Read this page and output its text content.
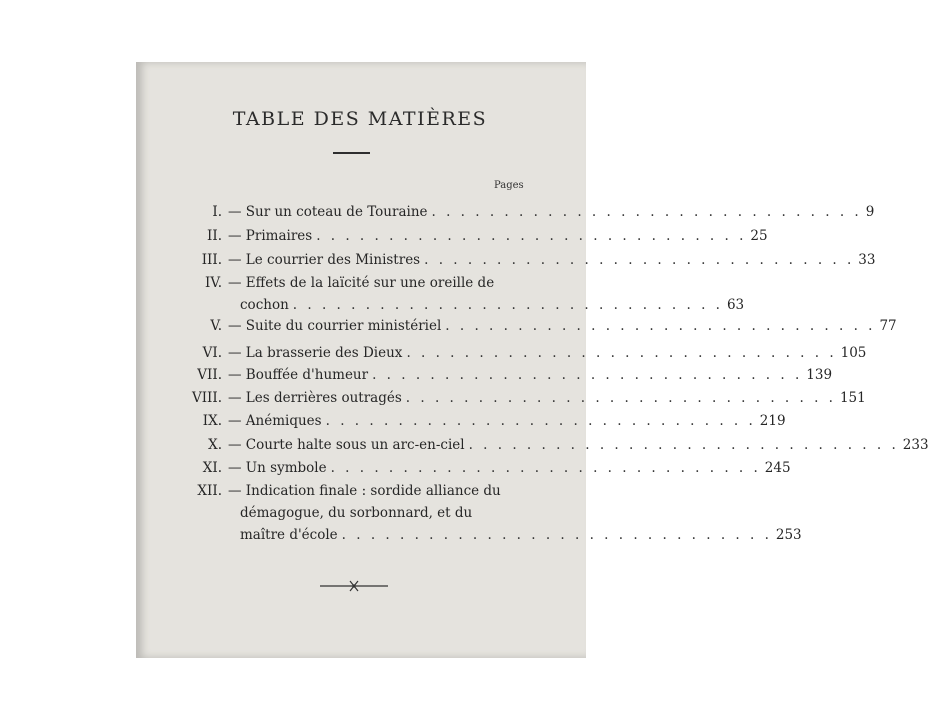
TABLE DES MATIÈRES
Pages
I. — Sur un coteau de Touraine . . . . . . . . . . . . . . . . . . . . . . . . . . . . . . 9
II. — Primaires . . . . . . . . . . . . . . . . . . . . . . . . . . . . . . 25
III. — Le courrier des Ministres . . . . . . . . . . . . . . . . . . . . . . . . . . . . . . 33
IV. — Effets de la laïcité sur une oreille de
cochon . . . . . . . . . . . . . . . . . . . . . . . . . . . . . . 63
V. — Suite du courrier ministériel . . . . . . . . . . . . . . . . . . . . . . . . . . . . . . 77
VI. — La brasserie des Dieux . . . . . . . . . . . . . . . . . . . . . . . . . . . . . . 105
VII. — Bouffée d'humeur . . . . . . . . . . . . . . . . . . . . . . . . . . . . . . 139
VIII. — Les derrières outragés . . . . . . . . . . . . . . . . . . . . . . . . . . . . . . 151
IX. — Anémiques . . . . . . . . . . . . . . . . . . . . . . . . . . . . . . 219
X. — Courte halte sous un arc-en-ciel . . . . . . . . . . . . . . . . . . . . . . . . . . . . . . 233
XI. — Un symbole . . . . . . . . . . . . . . . . . . . . . . . . . . . . . . 245
XII. — Indication finale : sordide alliance du
démagogue, du sorbonnard, et du
maître d'école . . . . . . . . . . . . . . . . . . . . . . . . . . . . . . 253
